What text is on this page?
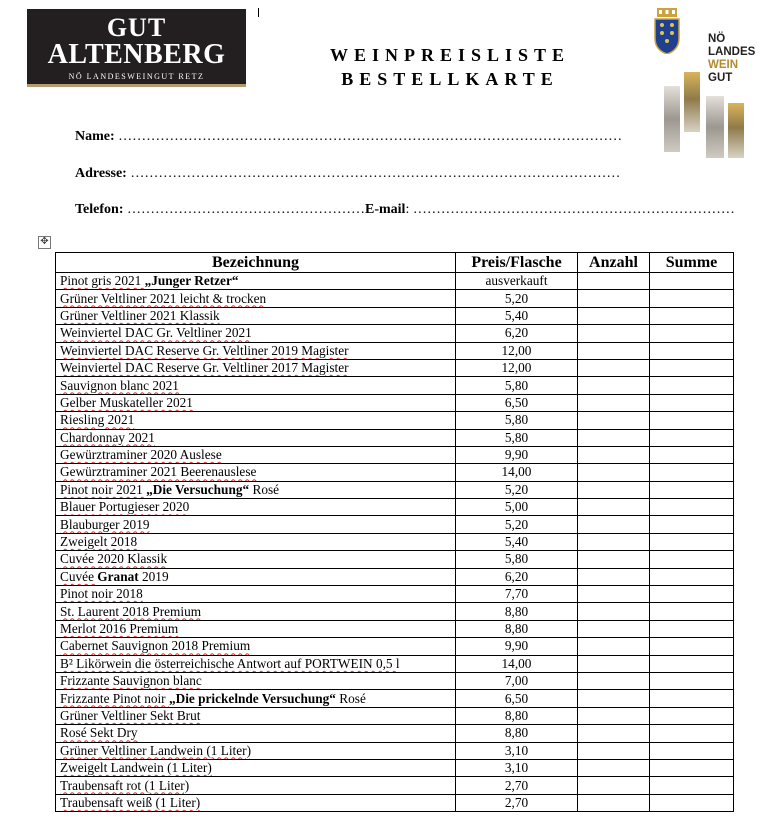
GUT
ALTENBERG
NÖ LANDESWEINGUT RETZ
WEINPREISLISTE
BESTELLKARTE
NÖ
LANDES
WEIN
GUT
Name: ………………………………………………………………………………………………
Adresse: ……………………………………………………………………………………………
Telefon: ……………………………………………E-mail: ……………………………………………………………
✥
Bezeichnung	Preis/Flasche	Anzahl	Summe
Pinot gris 2021 „Junger Retzer“	ausverkauft		
Grüner Veltliner 2021 leicht & trocken	5,20		
Grüner Veltliner 2021 Klassik	5,40		
Weinviertel DAC Gr. Veltliner 2021	6,20		
Weinviertel DAC Reserve Gr. Veltliner 2019 Magister	12,00		
Weinviertel DAC Reserve Gr. Veltliner 2017 Magister	12,00		
Sauvignon blanc 2021	5,80		
Gelber Muskateller 2021	6,50		
Riesling 2021	5,80		
Chardonnay 2021	5,80		
Gewürztraminer 2020 Auslese	9,90		
Gewürztraminer 2021 Beerenauslese	14,00		
Pinot noir 2021 „Die Versuchung“ Rosé	5,20		
Blauer Portugieser 2020	5,00		
Blauburger 2019	5,20		
Zweigelt 2018	5,40		
Cuvée 2020 Klassik	5,80		
Cuvée Granat 2019	6,20		
Pinot noir 2018	7,70		
St. Laurent 2018 Premium	8,80		
Merlot 2016 Premium	8,80		
Cabernet Sauvignon 2018 Premium	9,90		
B² Likörwein die österreichische Antwort auf PORTWEIN 0,5 l	14,00		
Frizzante Sauvignon blanc	7,00		
Frizzante Pinot noir „Die prickelnde Versuchung“ Rosé	6,50		
Grüner Veltliner Sekt Brut	8,80		
Rosé Sekt Dry	8,80		
Grüner Veltliner Landwein (1 Liter)	3,10		
Zweigelt Landwein (1 Liter)	3,10		
Traubensaft rot (1 Liter)	2,70		
Traubensaft weiß (1 Liter)	2,70		
